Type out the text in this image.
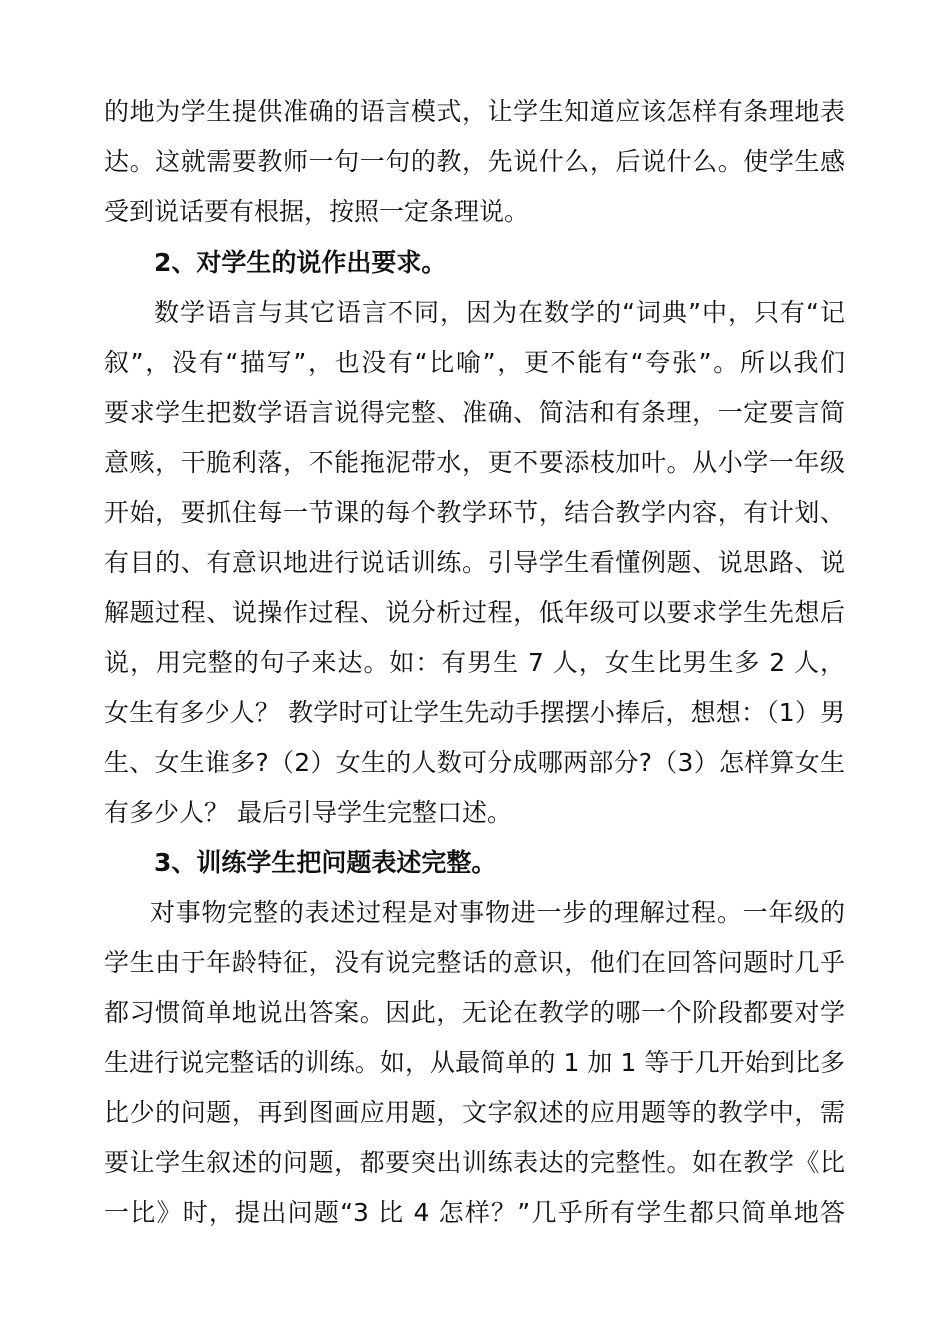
的地为学生提供准确的语言模式，让学生知道应该怎样有条理地表
达。这就需要教师一句一句的教，先说什么，后说什么。使学生感
受到说话要有根据，按照一定条理说。
2、对学生的说作出要求。
数学语言与其它语言不同，因为在数学的“词典”中，只有“记
叙”，没有“描写”，也没有“比喻”，更不能有“夸张”。所以我们
要求学生把数学语言说得完整、准确、简洁和有条理，一定要言简
意赅，干脆利落，不能拖泥带水，更不要添枝加叶。从小学一年级
开始，要抓住每一节课的每个教学环节，结合教学内容，有计划、
有目的、有意识地进行说话训练。引导学生看懂例题、说思路、说
解题过程、说操作过程、说分析过程，低年级可以要求学生先想后
说，用完整的句子来达。如：有男生 7 人，女生比男生多 2 人，
女生有多少人？ 教学时可让学生先动手摆摆小捧后，想想：（1）男
生、女生谁多?（2）女生的人数可分成哪两部分?（3）怎样算女生
有多少人？ 最后引导学生完整口述。
3、训练学生把问题表述完整。
对事物完整的表述过程是对事物进一步的理解过程。一年级的
学生由于年龄特征，没有说完整话的意识，他们在回答问题时几乎
都习惯简单地说出答案。因此，无论在教学的哪一个阶段都要对学
生进行说完整话的训练。如，从最简单的 1 加 1 等于几开始到比多
比少的问题，再到图画应用题，文字叙述的应用题等的教学中，需
要让学生叙述的问题，都要突出训练表达的完整性。如在教学《比
一比》时，提出问题“3 比 4 怎样？”几乎所有学生都只简单地答
